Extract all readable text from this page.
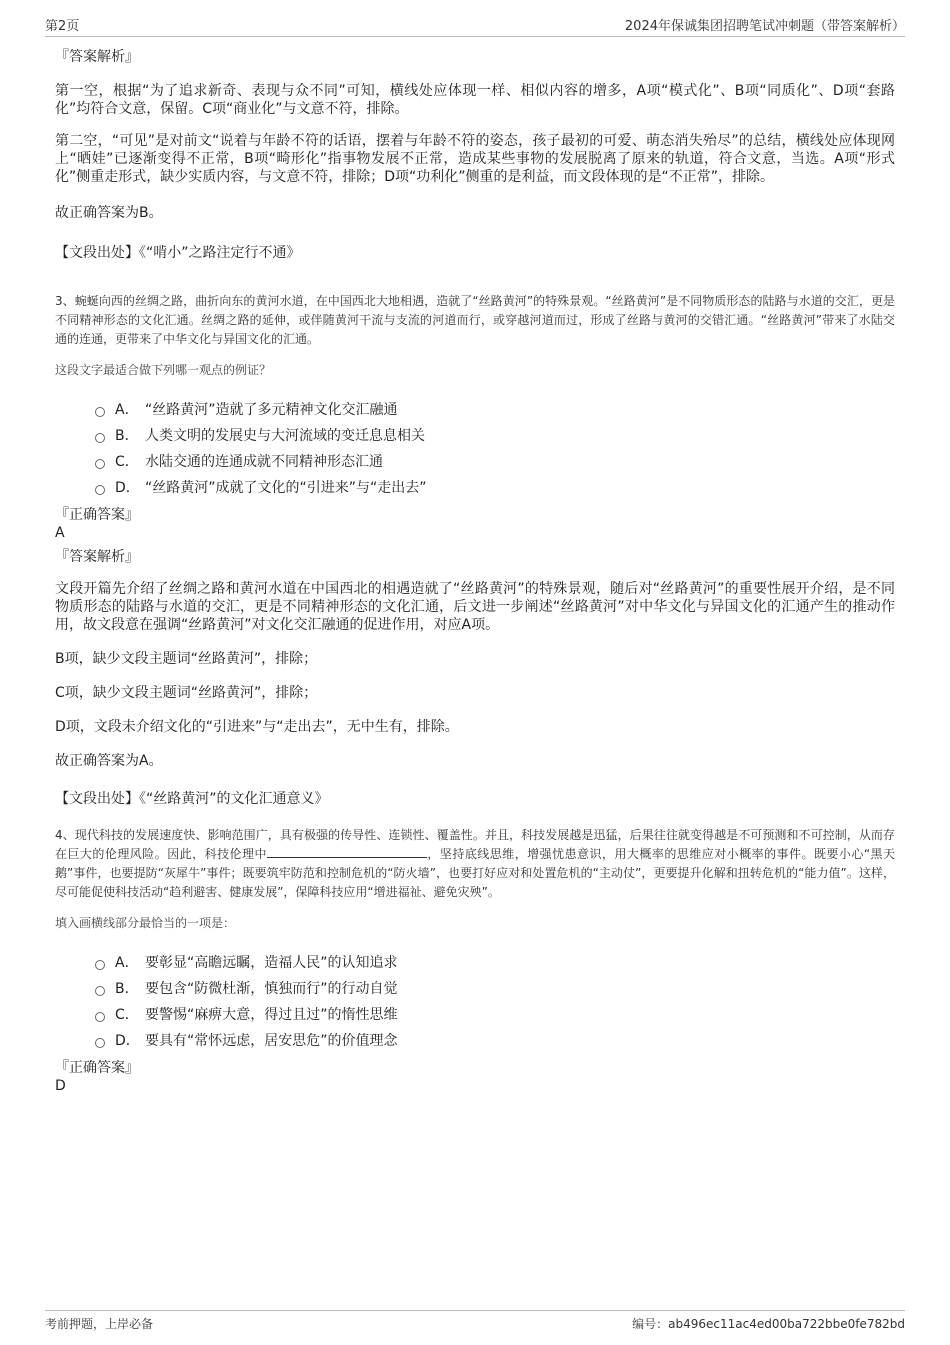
第2页	2024年保诚集团招聘笔试冲刺题（带答案解析）

『答案解析』

第一空，根据“为了追求新奇、表现与众不同”可知，横线处应体现一样、相似内容的增多，A项“模式化”、B项“同质化”、D项“套路化”均符合文意，保留。C项“商业化”与文意不符，排除。

第二空，“可见”是对前文“说着与年龄不符的话语，摆着与年龄不符的姿态，孩子最初的可爱、萌态消失殆尽”的总结，横线处应体现网上“晒娃”已逐渐变得不正常，B项“畸形化”指事物发展不正常，造成某些事物的发展脱离了原来的轨道，符合文意，当选。A项“形式化”侧重走形式，缺少实质内容，与文意不符，排除；D项“功利化”侧重的是利益，而文段体现的是“不正常”，排除。

故正确答案为B。

【文段出处】《“啃小”之路注定行不通》

3、蜿蜒向西的丝绸之路，曲折向东的黄河水道，在中国西北大地相遇，造就了“丝路黄河”的特殊景观。“丝路黄河”是不同物质形态的陆路与水道的交汇，更是不同精神形态的文化汇通。丝绸之路的延伸，或伴随黄河干流与支流的河道而行，或穿越河道而过，形成了丝路与黄河的交错汇通。“丝路黄河”带来了水陆交通的连通，更带来了中华文化与异国文化的汇通。

这段文字最适合做下列哪一观点的例证？

A． “丝路黄河”造就了多元精神文化交汇融通
B． 人类文明的发展史与大河流域的变迁息息相关
C． 水陆交通的连通成就不同精神形态汇通
D． “丝路黄河”成就了文化的“引进来”与“走出去”

『正确答案』

A

『答案解析』

文段开篇先介绍了丝绸之路和黄河水道在中国西北的相遇造就了“丝路黄河”的特殊景观，随后对“丝路黄河”的重要性展开介绍，是不同物质形态的陆路与水道的交汇，更是不同精神形态的文化汇通，后文进一步阐述“丝路黄河”对中华文化与异国文化的汇通产生的推动作用，故文段意在强调“丝路黄河”对文化交汇融通的促进作用，对应A项。

B项，缺少文段主题词“丝路黄河”，排除；

C项，缺少文段主题词“丝路黄河”，排除；

D项，文段未介绍文化的“引进来”与“走出去”，无中生有，排除。

故正确答案为A。

【文段出处】《“丝路黄河”的文化汇通意义》

4、现代科技的发展速度快、影响范围广，具有极强的传导性、连锁性、覆盖性。并且，科技发展越是迅猛，后果往往就变得越是不可预测和不可控制，从而存在巨大的伦理风险。因此，科技伦理中	，坚持底线思维，增强忧患意识，用大概率的思维应对小概率的事件。既要小心“黑天鹅”事件，也要提防“灰犀牛”事件；既要筑牢防范和控制危机的“防火墙”，也要打好应对和处置危机的“主动仗”，更要提升化解和扭转危机的“能力值”。这样，尽可能促使科技活动“趋利避害、健康发展”，保障科技应用“增进福祉、避免灾殃”。

填入画横线部分最恰当的一项是：

A． 要彰显“高瞻远瞩，造福人民”的认知追求
B． 要包含“防微杜渐，慎独而行”的行动自觉
C． 要警惕“麻痹大意，得过且过”的惰性思维
D． 要具有“常怀远虑，居安思危”的价值理念

『正确答案』

D

考前押题，上岸必备	编号：ab496ec11ac4ed00ba722bbe0fe782bd
